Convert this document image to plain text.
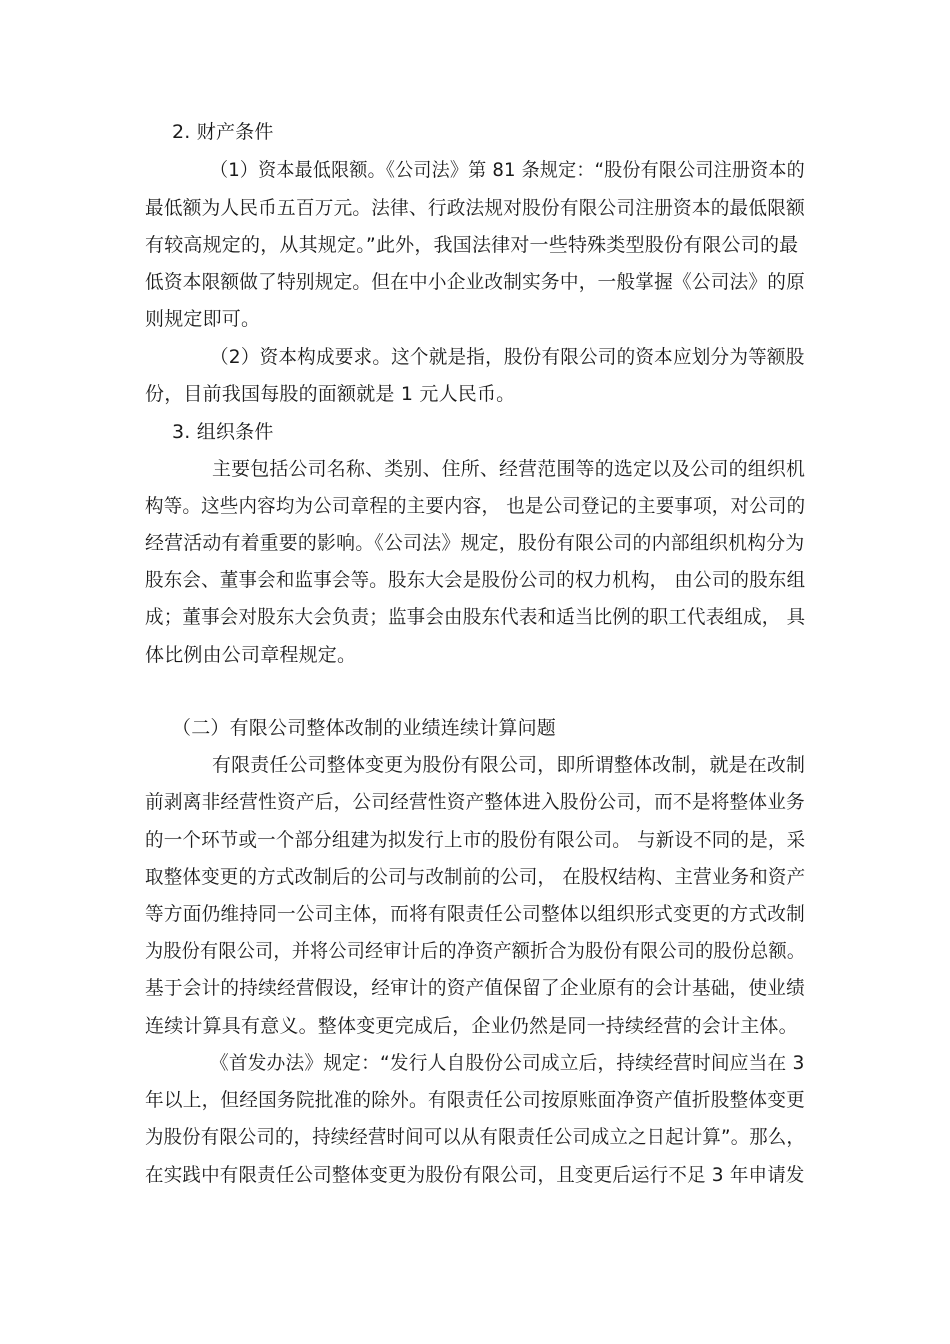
2. 财产条件
（1）资本最低限额。《公司法》第 81 条规定：“股份有限公司注册资本的
最低额为人民币五百万元。法律、行政法规对股份有限公司注册资本的最低限额
有较高规定的，从其规定。”此外，我国法律对一些特殊类型股份有限公司的最
低资本限额做了特别规定。但在中小企业改制实务中，一般掌握《公司法》的原
则规定即可。
（2）资本构成要求。这个就是指，股份有限公司的资本应划分为等额股
份，目前我国每股的面额就是 1 元人民币。
3. 组织条件
主要包括公司名称、类别、住所、经营范围等的选定以及公司的组织机
构等。这些内容均为公司章程的主要内容， 也是公司登记的主要事项，对公司的
经营活动有着重要的影响。《公司法》规定，股份有限公司的内部组织机构分为
股东会、董事会和监事会等。股东大会是股份公司的权力机构， 由公司的股东组
成；董事会对股东大会负责；监事会由股东代表和适当比例的职工代表组成， 具
体比例由公司章程规定。
（二）有限公司整体改制的业绩连续计算问题
有限责任公司整体变更为股份有限公司，即所谓整体改制，就是在改制
前剥离非经营性资产后，公司经营性资产整体进入股份公司，而不是将整体业务
的一个环节或一个部分组建为拟发行上市的股份有限公司。 与新设不同的是，采
取整体变更的方式改制后的公司与改制前的公司， 在股权结构、主营业务和资产
等方面仍维持同一公司主体，而将有限责任公司整体以组织形式变更的方式改制
为股份有限公司，并将公司经审计后的净资产额折合为股份有限公司的股份总额。
基于会计的持续经营假设，经审计的资产值保留了企业原有的会计基础，使业绩
连续计算具有意义。整体变更完成后，企业仍然是同一持续经营的会计主体。
《首发办法》规定：“发行人自股份公司成立后，持续经营时间应当在 3
年以上，但经国务院批准的除外。有限责任公司按原账面净资产值折股整体变更
为股份有限公司的，持续经营时间可以从有限责任公司成立之日起计算”。那么，
在实践中有限责任公司整体变更为股份有限公司，且变更后运行不足 3 年申请发
